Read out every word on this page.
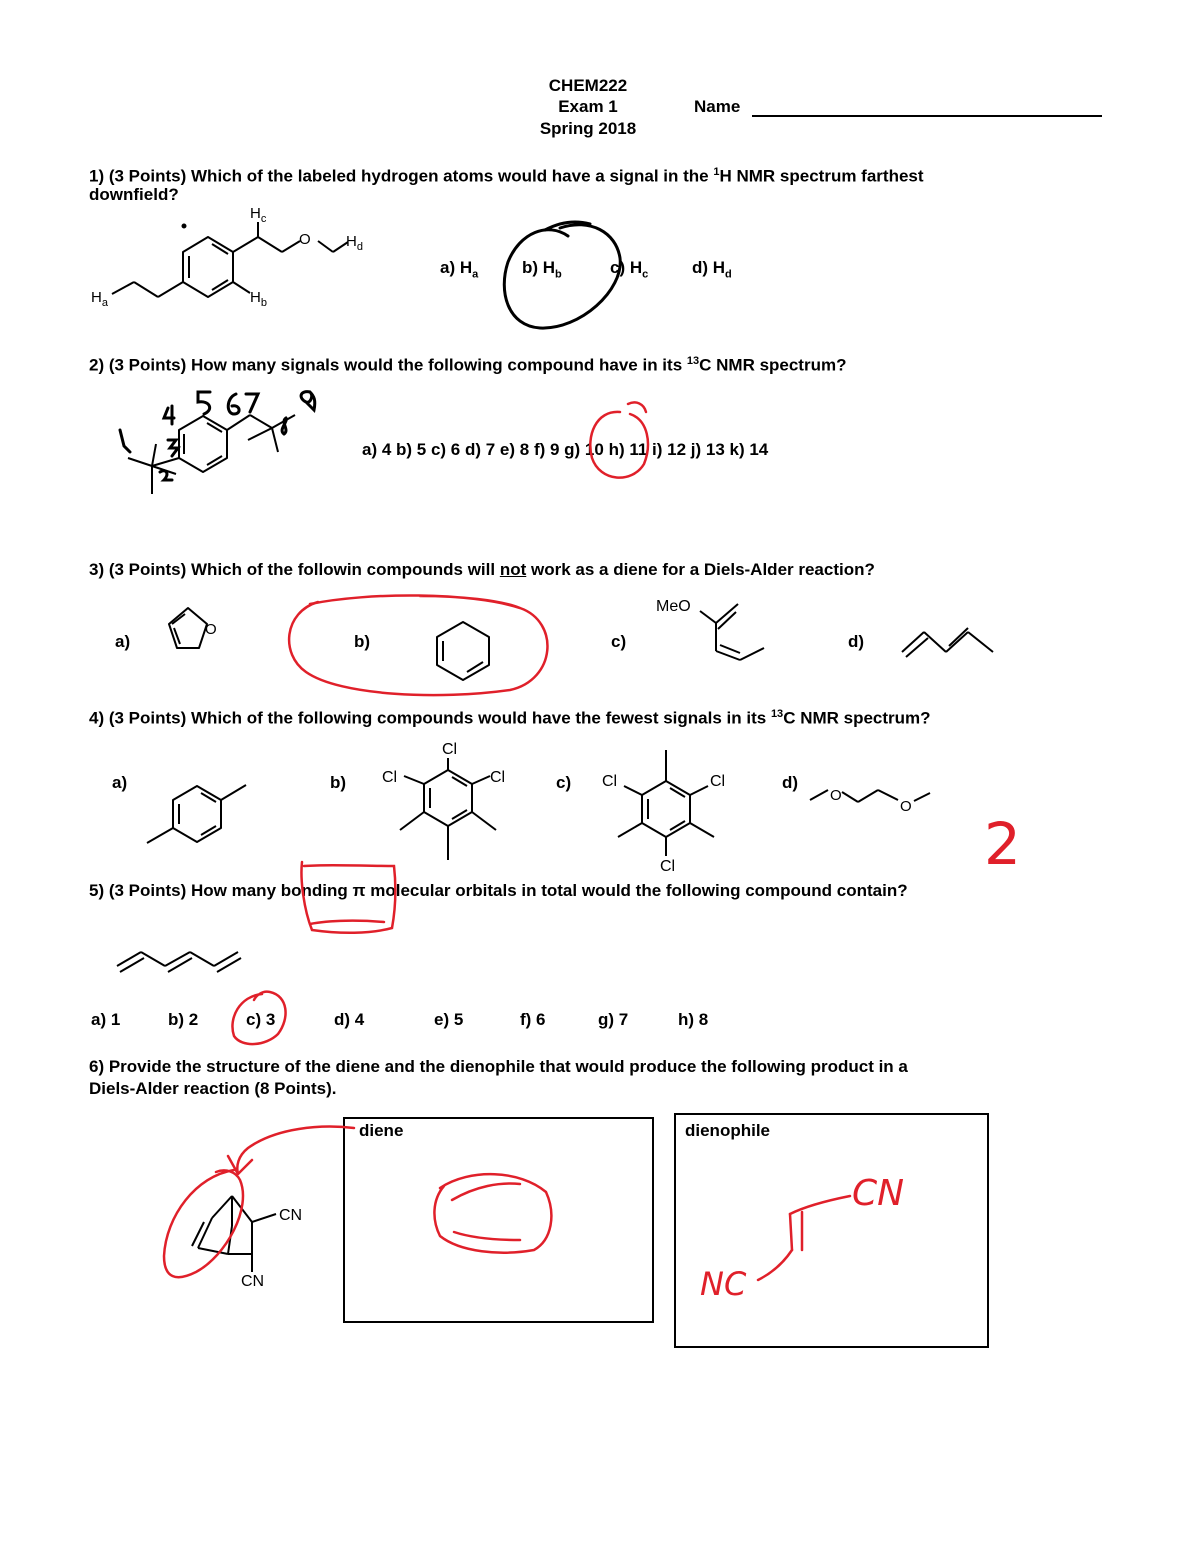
CHEM222
Exam 1
Spring 2018
Name
1) (3 Points) Which of the labeled hydrogen atoms would have a signal in the $^1$H NMR spectrum farthest
downfield?
$H_c$
O $H_d$
$H_a$	$H_b$
a) $H_a$	b) $H_b$	c) $H_c$	d) $H_d$
2) (3 Points) How many signals would the following compound have in its $^{13}$C NMR spectrum?
a) 4 b) 5 c) 6 d) 7 e) 8 f) 9 g) 10 h) 11 i) 12 j) 13 k) 14
3) (3 Points) Which of the followin compounds will not work as a diene for a Diels-Alder reaction?
a)	b)	c)	d)
O
MeO
4) (3 Points) Which of the following compounds would have the fewest signals in its $^{13}$C NMR spectrum?
a)	b)	c)	d)
Cl
Cl	Cl	Cl	Cl
Cl
O
O
5) (3 Points) How many bonding π molecular orbitals in total would the following compound contain?
a) 1	b) 2	c) 3	d) 4	e) 5	f) 6	g) 7	h) 8
6) Provide the structure of the diene and the dienophile that would produce the following product in a
Diels-Alder reaction (8 Points).
CN
CN
diene	dienophile
2
CN
NC
